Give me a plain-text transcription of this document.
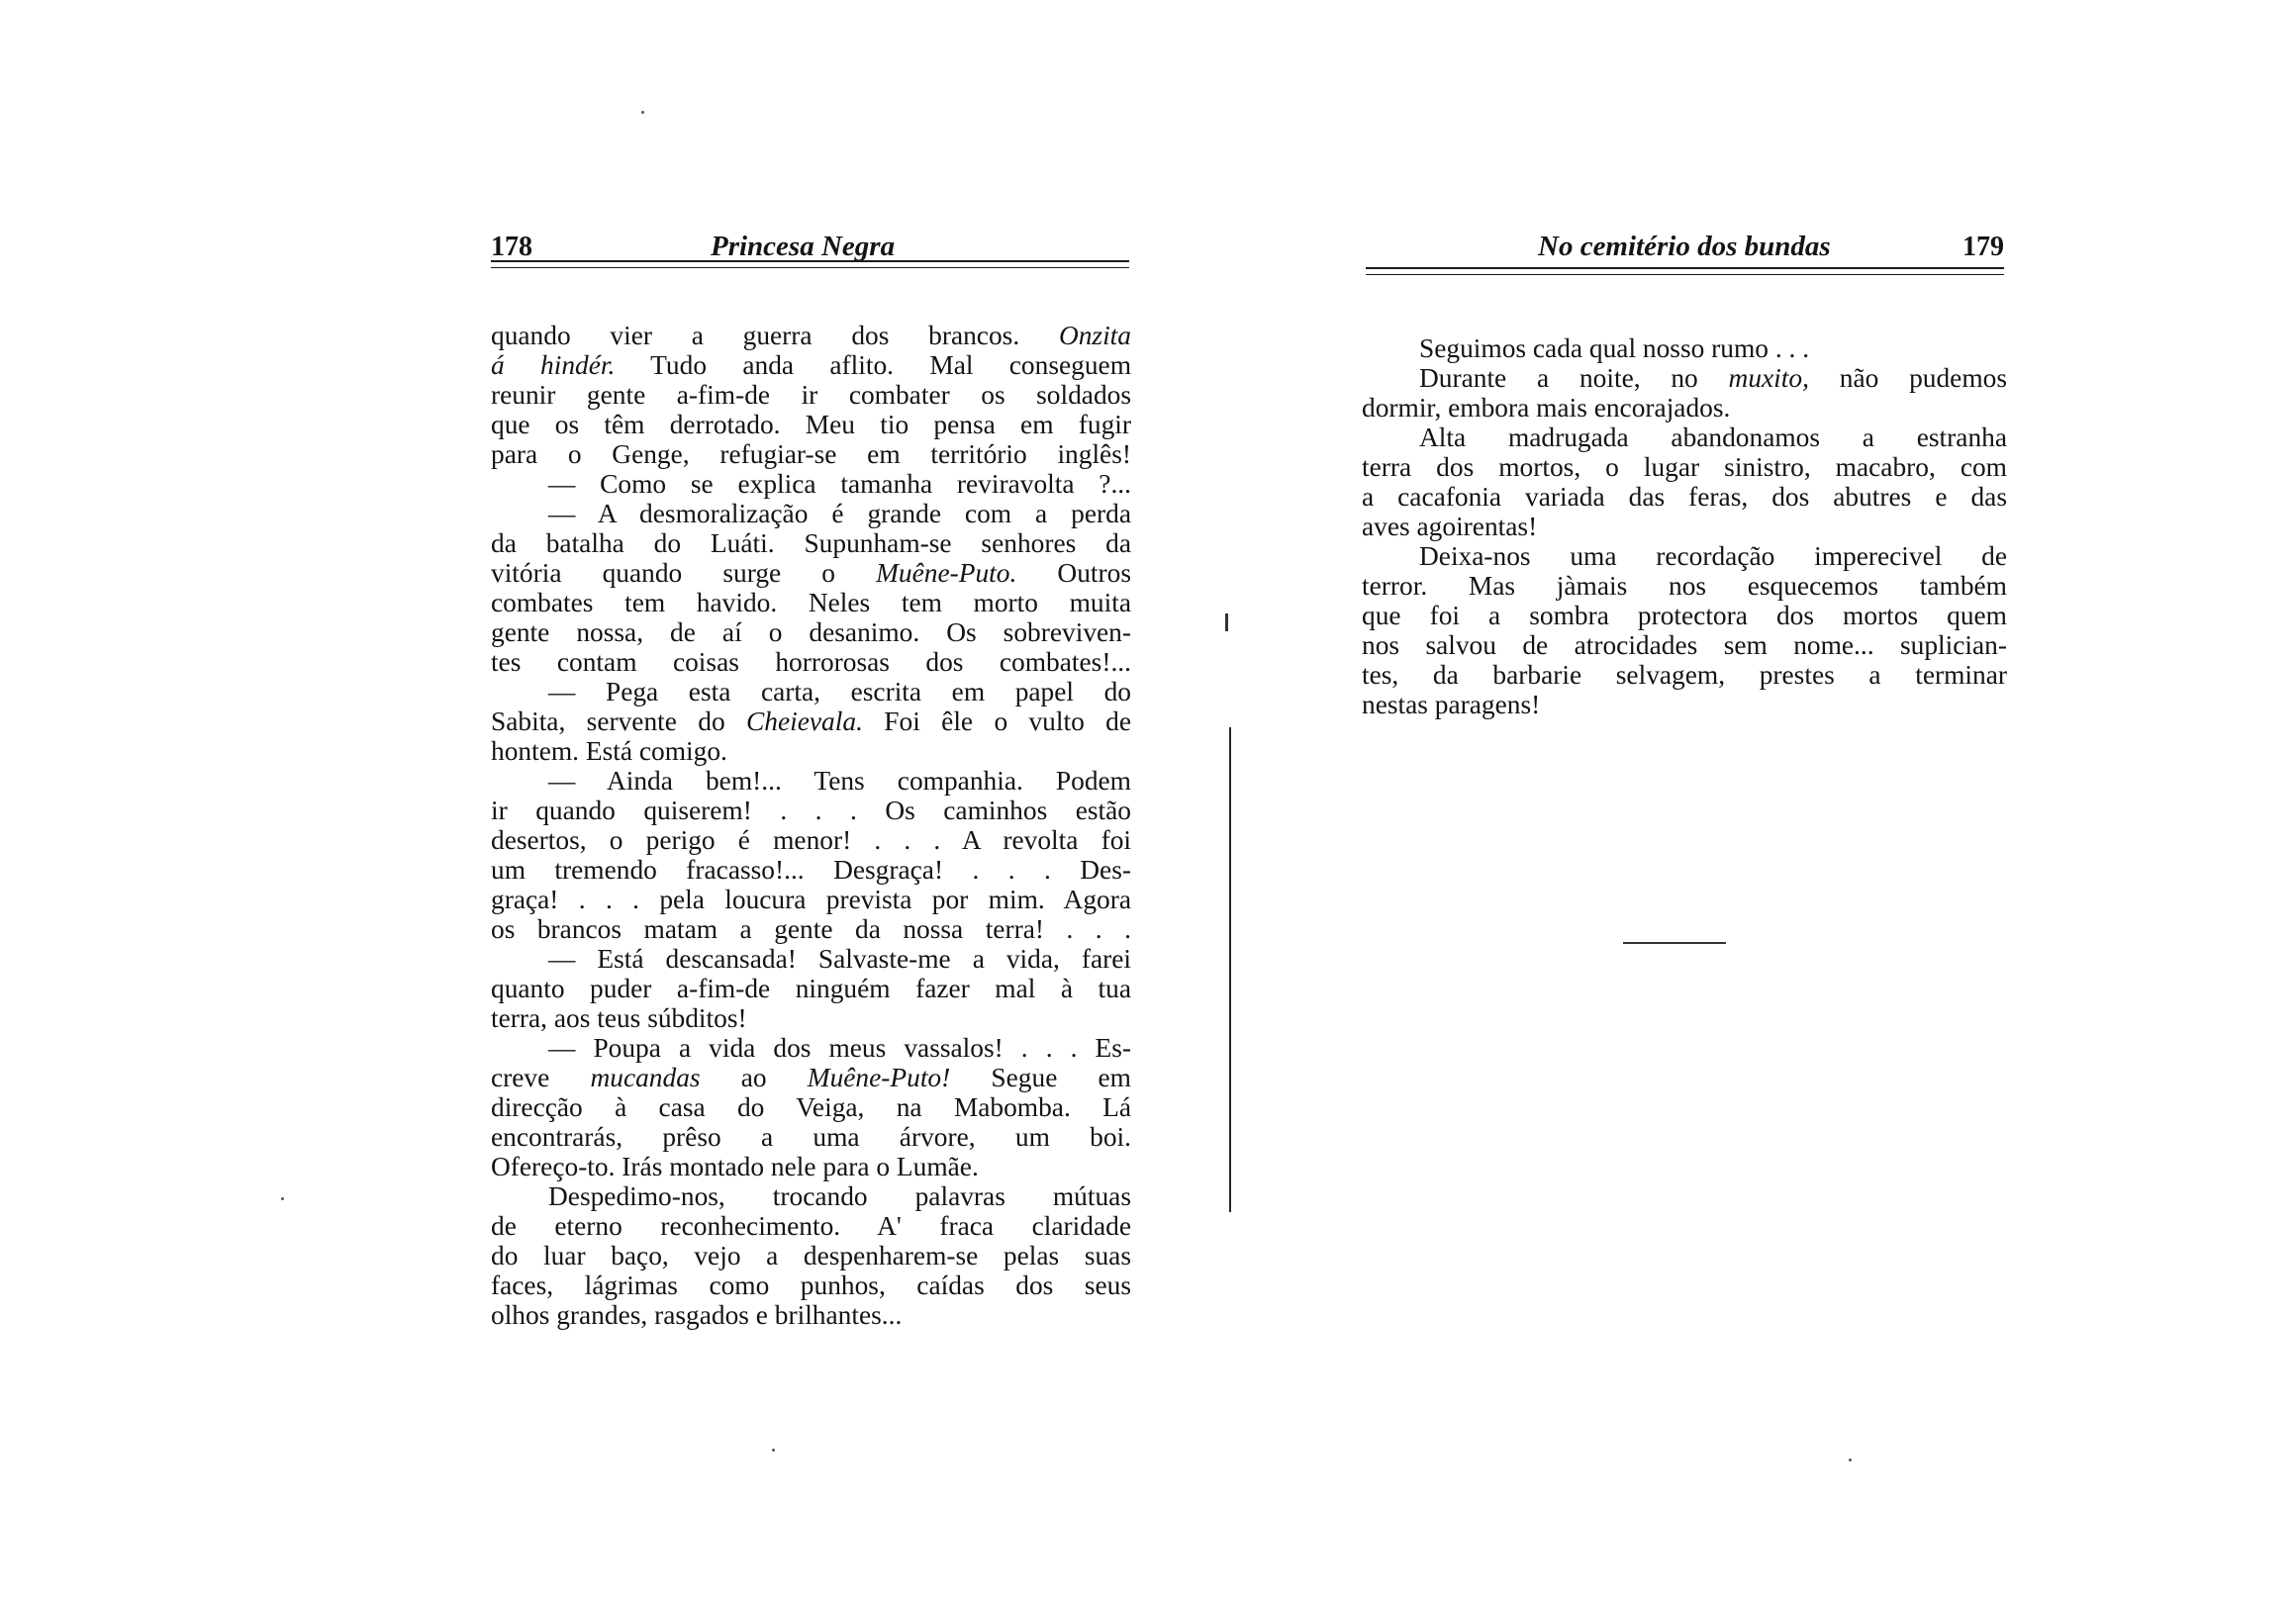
178	Princesa Negra
quando vier a guerra dos brancos. Onzita
á hindér. Tudo anda aflito. Mal conseguem
reunir gente a-fim-de ir combater os soldados
que os têm derrotado. Meu tio pensa em fugir
para o Genge, refugiar-se em território inglês!
— Como se explica tamanha reviravolta ?...
— A desmoralização é grande com a perda
da batalha do Luáti. Supunham-se senhores da
vitória quando surge o Muêne-Puto. Outros
combates tem havido. Neles tem morto muita
gente nossa, de aí o desanimo. Os sobreviven-
tes contam coisas horrorosas dos combates!...
— Pega esta carta, escrita em papel do
Sabita, servente do Cheievala. Foi êle o vulto de
hontem. Está comigo.
— Ainda bem!... Tens companhia. Podem
ir quando quiserem! . . . Os caminhos estão
desertos, o perigo é menor! . . . A revolta foi
um tremendo fracasso!... Desgraça! . . . Des-
graça! . . . pela loucura prevista por mim. Agora
os brancos matam a gente da nossa terra! . . .
— Está descansada! Salvaste-me a vida, farei
quanto puder a-fim-de ninguém fazer mal à tua
terra, aos teus súbditos!
— Poupa a vida dos meus vassalos! . . . Es-
creve mucandas ao Muêne-Puto! Segue em
direcção à casa do Veiga, na Mabomba. Lá
encontrarás, prêso a uma árvore, um boi.
Ofereço-to. Irás montado nele para o Lumãe.
Despedimo-nos, trocando palavras mútuas
de eterno reconhecimento. A' fraca claridade
do luar baço, vejo a despenharem-se pelas suas
faces, lágrimas como punhos, caídas dos seus
olhos grandes, rasgados e brilhantes...
No cemitério dos bundas	179
Seguimos cada qual nosso rumo . . .
Durante a noite, no muxito, não pudemos
dormir, embora mais encorajados.
Alta madrugada abandonamos a estranha
terra dos mortos, o lugar sinistro, macabro, com
a cacafonia variada das feras, dos abutres e das
aves agoirentas!
Deixa-nos uma recordação imperecivel de
terror. Mas jàmais nos esquecemos também
que foi a sombra protectora dos mortos quem
nos salvou de atrocidades sem nome... suplician-
tes, da barbarie selvagem, prestes a terminar
nestas paragens!
